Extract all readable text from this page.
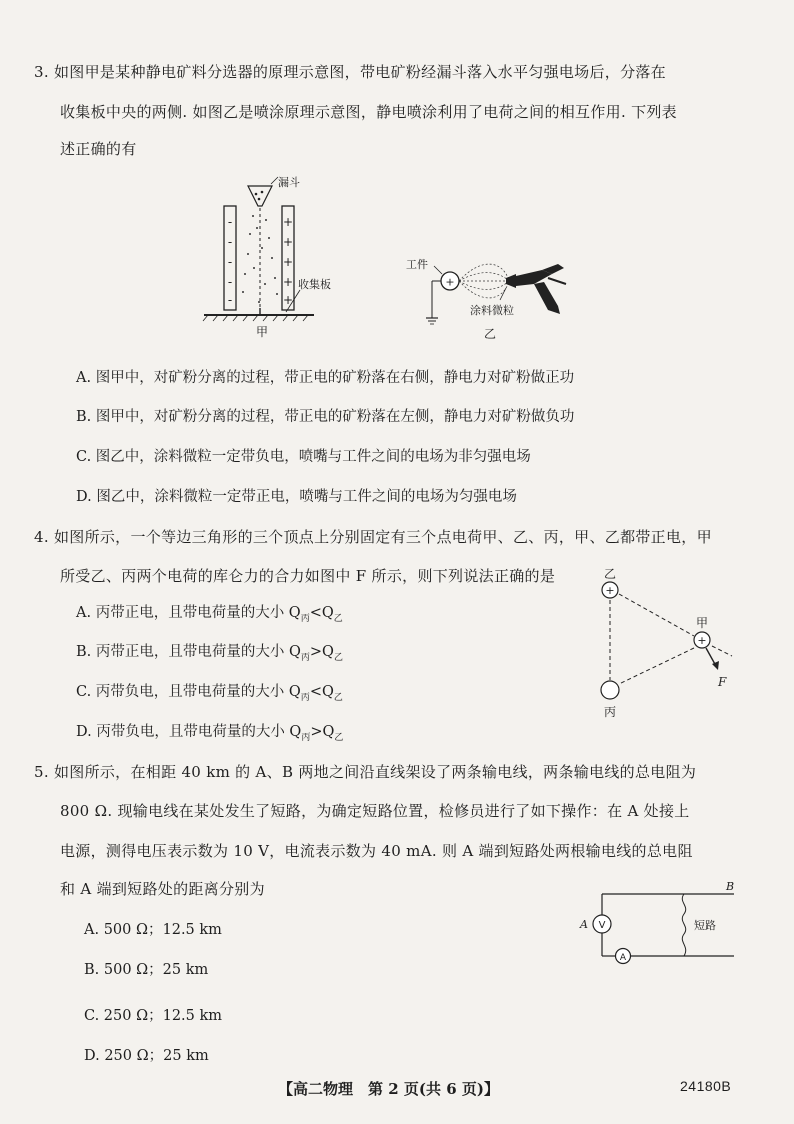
3. 如图甲是某种静电矿料分选器的原理示意图，带电矿粉经漏斗落入水平匀强电场后，分落在
收集板中央的两侧. 如图乙是喷涂原理示意图，静电喷涂利用了电荷之间的相互作用. 下列表
述正确的有
漏斗
-
-
-
-
-
+
+
+
+
+
收集板
甲
工件
+
涂料微粒
乙
A. 图甲中，对矿粉分离的过程，带正电的矿粉落在右侧，静电力对矿粉做正功
B. 图甲中，对矿粉分离的过程，带正电的矿粉落在左侧，静电力对矿粉做负功
C. 图乙中，涂料微粒一定带负电，喷嘴与工件之间的电场为非匀强电场
D. 图乙中，涂料微粒一定带正电，喷嘴与工件之间的电场为匀强电场
4. 如图所示，一个等边三角形的三个顶点上分别固定有三个点电荷甲、乙、丙，甲、乙都带正电，甲
所受乙、丙两个电荷的库仑力的合力如图中 F 所示，则下列说法正确的是	乙
+
甲
+
F
丙
A. 丙带正电，且带电荷量的大小 $Q_丙<Q_乙$
B. 丙带正电，且带电荷量的大小 $Q_丙>Q_乙$
C. 丙带负电，且带电荷量的大小 $Q_丙<Q_乙$
D. 丙带负电，且带电荷量的大小 $Q_丙>Q_乙$
5. 如图所示，在相距 40 km 的 A、B 两地之间沿直线架设了两条输电线，两条输电线的总电阻为
800 Ω. 现输电线在某处发生了短路，为确定短路位置，检修员进行了如下操作：在 A 处接上
电源，测得电压表示数为 10 V，电流表示数为 40 mA. 则 A 端到短路处两根输电线的总电阻
和 A 端到短路处的距离分别为	B
V
A
A
短路
A. 500 Ω；12.5 km
B. 500 Ω；25 km
C. 250 Ω；12.5 km
D. 250 Ω；25 km
【高二物理　第 2 页(共 6 页)】	24180B
